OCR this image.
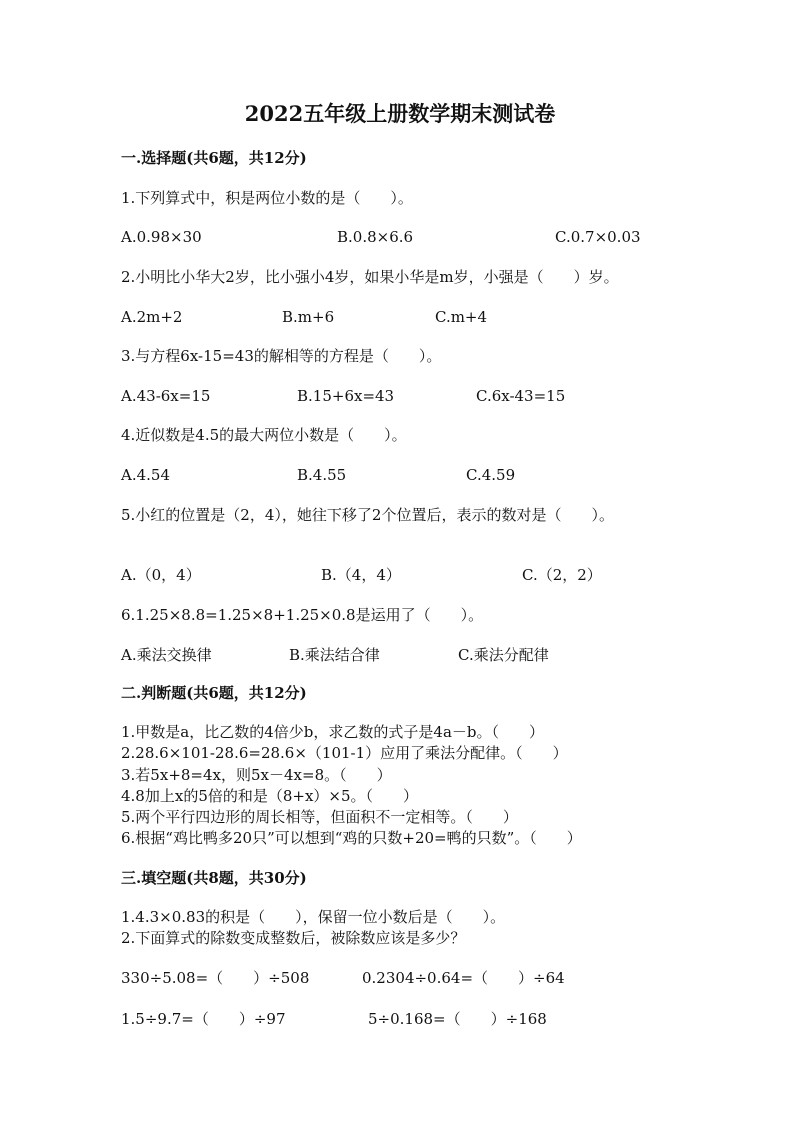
2022五年级上册数学期末测试卷
一.选择题(共6题，共12分)
1.下列算式中，积是两位小数的是（　　）。
A.0.98×30	B.0.8×6.6	C.0.7×0.03
2.小明比小华大2岁，比小强小4岁，如果小华是m岁，小强是（　　）岁。
A.2m+2	B.m+6	C.m+4
3.与方程6x-15=43的解相等的方程是（　　）。
A.43-6x=15	B.15+6x=43	C.6x-43=15
4.近似数是4.5的最大两位小数是（　　）。
A.4.54	B.4.55	C.4.59
5.小红的位置是（2，4），她往下移了2个位置后，表示的数对是（　　）。
A.（0，4）	B.（4，4）	C.（2，2）
6.1.25×8.8=1.25×8+1.25×0.8是运用了（　　）。
A.乘法交换律	B.乘法结合律	C.乘法分配律
二.判断题(共6题，共12分)
1.甲数是a，比乙数的4倍少b，求乙数的式子是4a－b。（　　）
2.28.6×101-28.6=28.6×（101-1）应用了乘法分配律。（　　）
3.若5x+8=4x，则5x－4x=8。（　　）
4.8加上x的5倍的和是（8+x）×5。（　　）
5.两个平行四边形的周长相等，但面积不一定相等。（　　）
6.根据“鸡比鸭多20只”可以想到“鸡的只数+20=鸭的只数”。（　　）
三.填空题(共8题，共30分)
1.4.3×0.83的积是（　　），保留一位小数后是（　　）。
2.下面算式的除数变成整数后，被除数应该是多少？
330÷5.08=（　　）÷508	0.2304÷0.64=（　　）÷64
1.5÷9.7=（　　）÷97	5÷0.168=（　　）÷168
